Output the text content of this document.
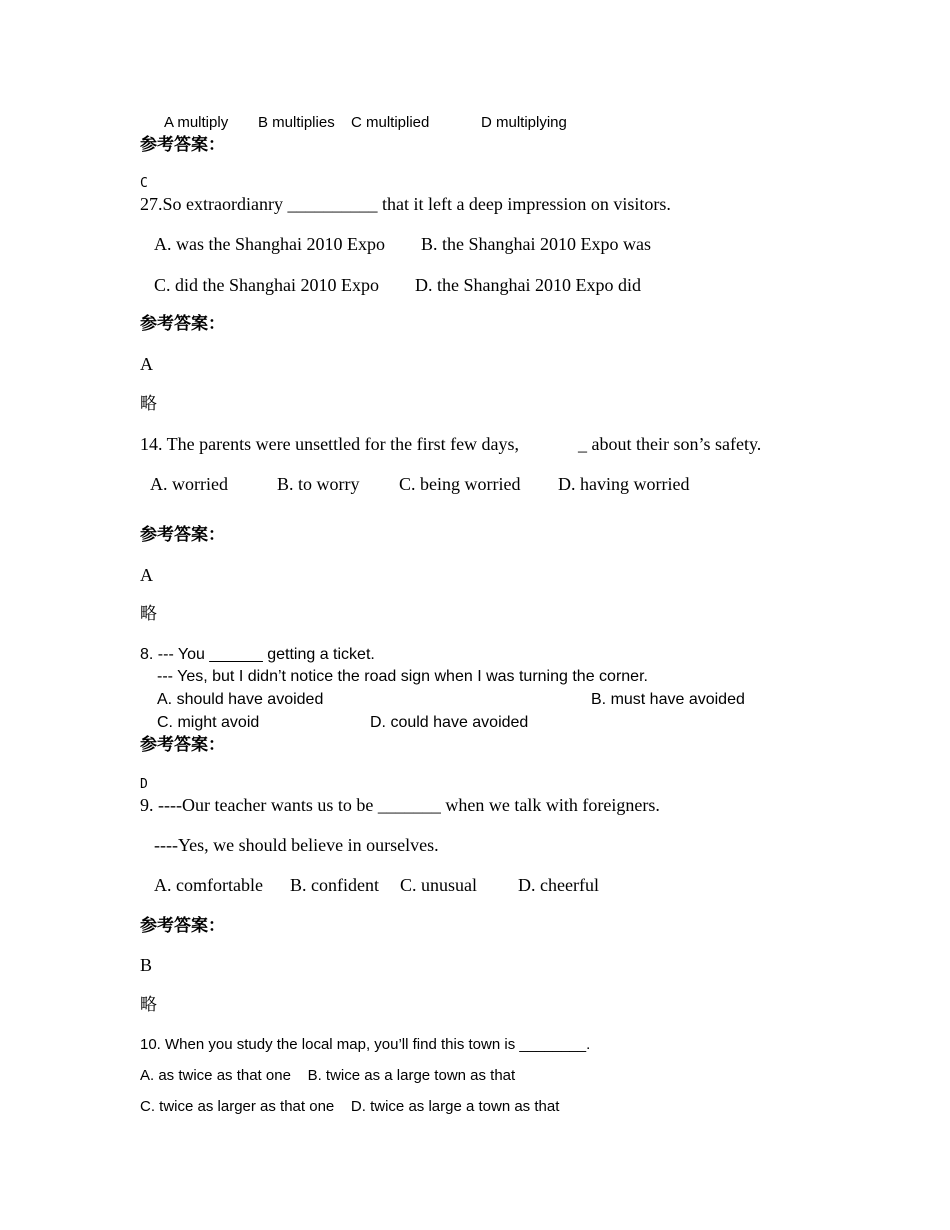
A multiply B multiplies C multiplied	D multiplying
参考答案：
C
27.So extraordianry __________ that it left a deep impression on visitors.
A. was the Shanghai 2010 Expo B. the Shanghai 2010 Expo was
C. did the Shanghai 2010 Expo D. the Shanghai 2010 Expo did
参考答案：
A
略
14. The parents were unsettled for the first few days,	_ about their son’s safety.
A. worried	B. to worry C. being worried D. having worried
参考答案：
A
略
8. --- You ______ getting a ticket.
--- Yes, but I didn’t notice the road sign when I was turning the corner.
A. should have avoided	B. must have avoided
C. might avoid	D. could have avoided
参考答案：
D
9. ----Our teacher wants us to be _______ when we talk with foreigners.
----Yes, we should believe in ourselves.
A. comfortable B. confident C. unusual D. cheerful
参考答案：
B
略
10. When you study the local map, you’ll find this town is ________.
A. as twice as that one    B. twice as a large town as that
C. twice as larger as that one    D. twice as large a town as that
